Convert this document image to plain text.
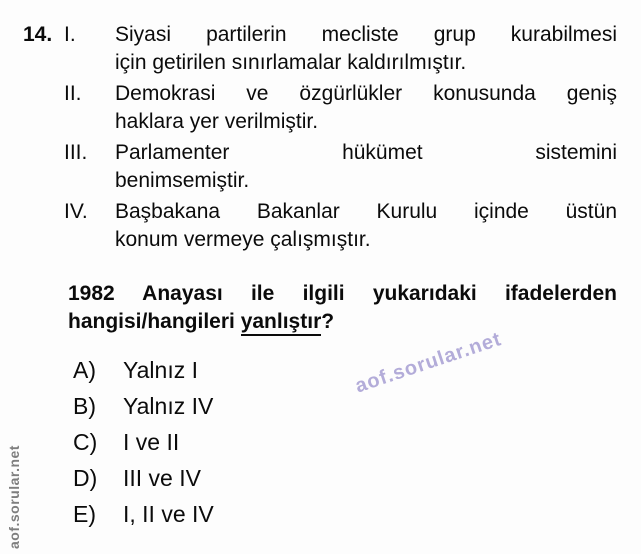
14. I.	Siyasi partilerin mecliste grup kurabilmesi
için getirilen sınırlamalar kaldırılmıştır.
II.	Demokrasi ve özgürlükler konusunda geniş
haklara yer verilmiştir.
III.	Parlamenter hükümet sistemini
benimsemiştir.
IV.	Başbakana Bakanlar Kurulu içinde üstün
konum vermeye çalışmıştır.
1982 Anayası ile ilgili yukarıdaki ifadelerden
hangisi/hangileri yanlıştır?
A)	Yalnız I
B)	Yalnız IV
C)	I ve II
D)	III ve IV
E)	I, II ve IV
aof.sorular.net
aof.sorular.net
